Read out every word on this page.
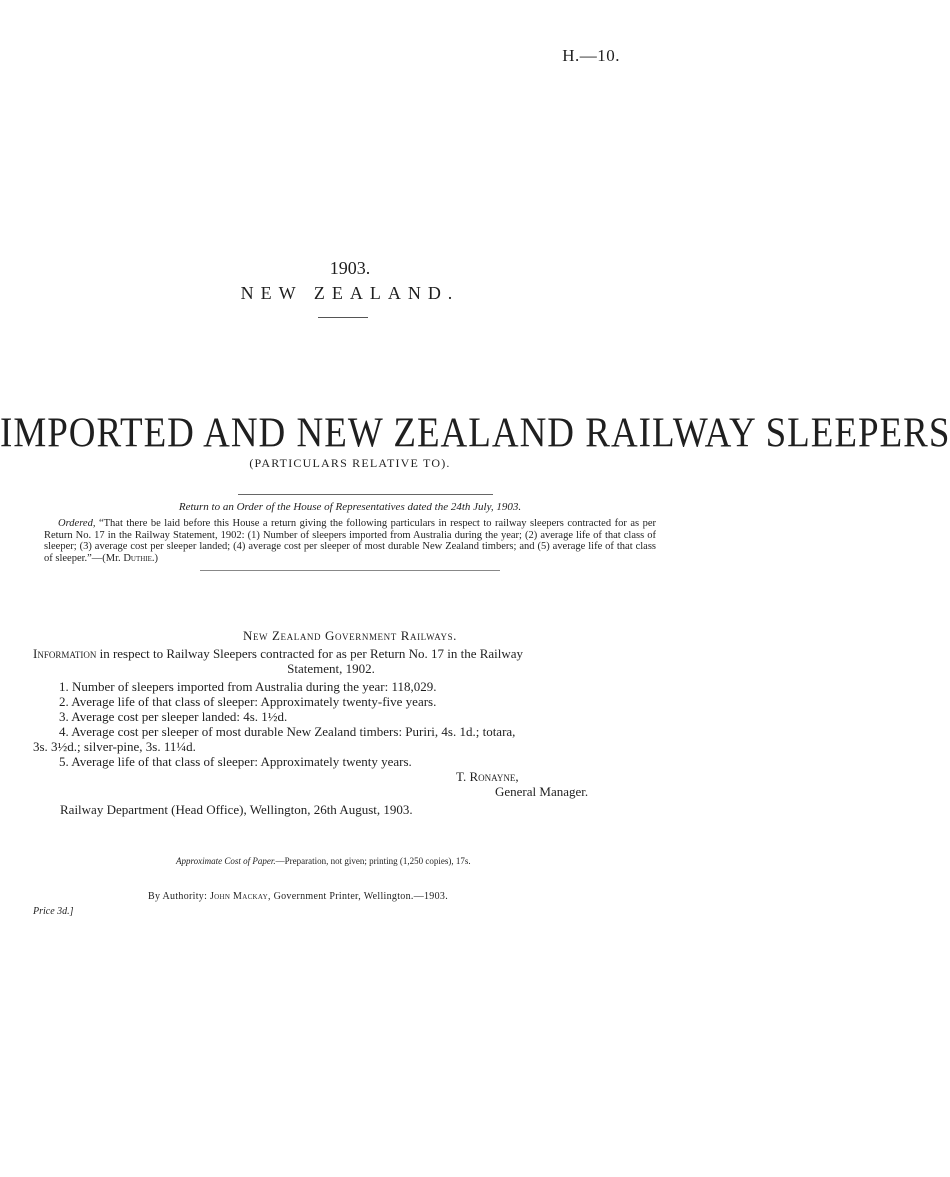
H.—10.
1903.
NEW ZEALAND.
IMPORTED AND NEW ZEALAND RAILWAY SLEEPERS
(PARTICULARS RELATIVE TO).
Return to an Order of the House of Representatives dated the 24th July, 1903.
Ordered, “That there be laid before this House a return giving the following particulars in respect to railway sleepers contracted for as per Return No. 17 in the Railway Statement, 1902: (1) Number of sleepers imported from Australia during the year; (2) average life of that class of sleeper; (3) average cost per sleeper landed; (4) average cost per sleeper of most durable New Zealand timbers; and (5) average life of that class of sleeper.”—(Mr. Duthie.)
New Zealand Government Railways.
Information in respect to Railway Sleepers contracted for as per Return No. 17 in the Railway
Statement, 1902.
1. Number of sleepers imported from Australia during the year: 118,029.
2. Average life of that class of sleeper: Approximately twenty-five years.
3. Average cost per sleeper landed: 4s. 1½d.
4. Average cost per sleeper of most durable New Zealand timbers: Puriri, 4s. 1d.; totara,
3s. 3½d.; silver-pine, 3s. 11¼d.
5. Average life of that class of sleeper: Approximately twenty years.
T. Ronayne,
General Manager.
Railway Department (Head Office), Wellington, 26th August, 1903.
Approximate Cost of Paper.—Preparation, not given; printing (1,250 copies), 17s.
By Authority: John Mackay, Government Printer, Wellington.—1903.
Price 3d.]
